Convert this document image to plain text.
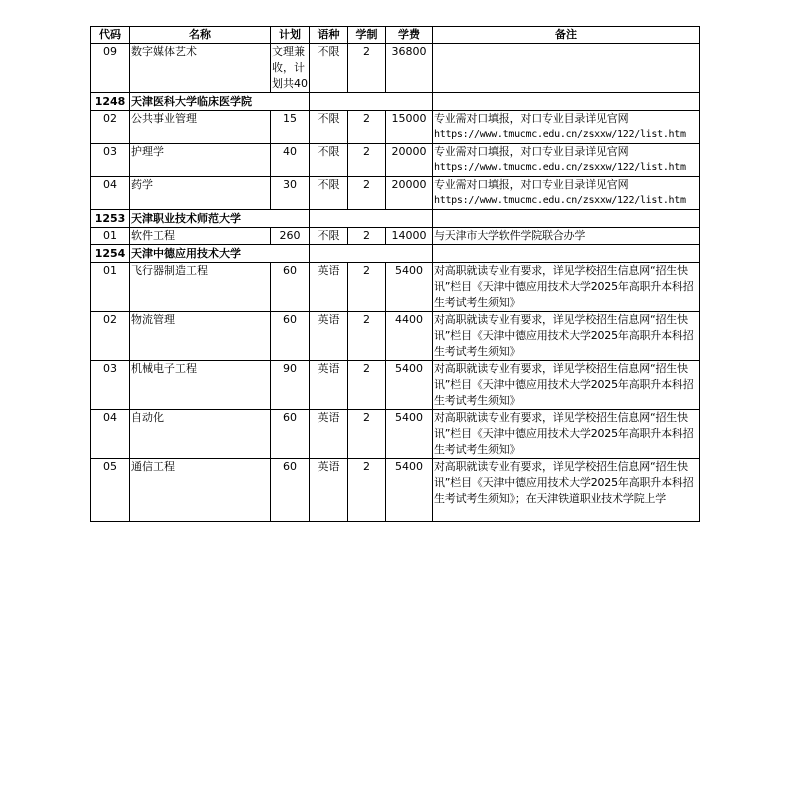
代码	名称	计划	语种	学制	学费	备注
09	数字媒体艺术	文理兼收，计划共40	不限	2	36800	
1248	天津医科大学临床医学院					
02	公共事业管理	15	不限	2	15000	专业需对口填报，对口专业目录详见官网
https://www.tmucmc.edu.cn/zsxxw/122/list.htm

03	护理学	40	不限	2	20000	专业需对口填报，对口专业目录详见官网
https://www.tmucmc.edu.cn/zsxxw/122/list.htm

04	药学	30	不限	2	20000	专业需对口填报，对口专业目录详见官网
https://www.tmucmc.edu.cn/zsxxw/122/list.htm

1253	天津职业技术师范大学					
01	软件工程	260	不限	2	14000	与天津市大学软件学院联合办学
1254	天津中德应用技术大学					
01	飞行器制造工程	60	英语	2	5400	对高职就读专业有要求，详见学校招生信息网“招生快讯”栏目《天津中德应用技术大学2025年高职升本科招生考试考生须知》
02	物流管理	60	英语	2	4400	对高职就读专业有要求，详见学校招生信息网“招生快讯”栏目《天津中德应用技术大学2025年高职升本科招生考试考生须知》
03	机械电子工程	90	英语	2	5400	对高职就读专业有要求，详见学校招生信息网“招生快讯”栏目《天津中德应用技术大学2025年高职升本科招生考试考生须知》
04	自动化	60	英语	2	5400	对高职就读专业有要求，详见学校招生信息网“招生快讯”栏目《天津中德应用技术大学2025年高职升本科招生考试考生须知》
05	通信工程	60	英语	2	5400	对高职就读专业有要求，详见学校招生信息网“招生快讯”栏目《天津中德应用技术大学2025年高职升本科招生考试考生须知》；在天津铁道职业技术学院上学
